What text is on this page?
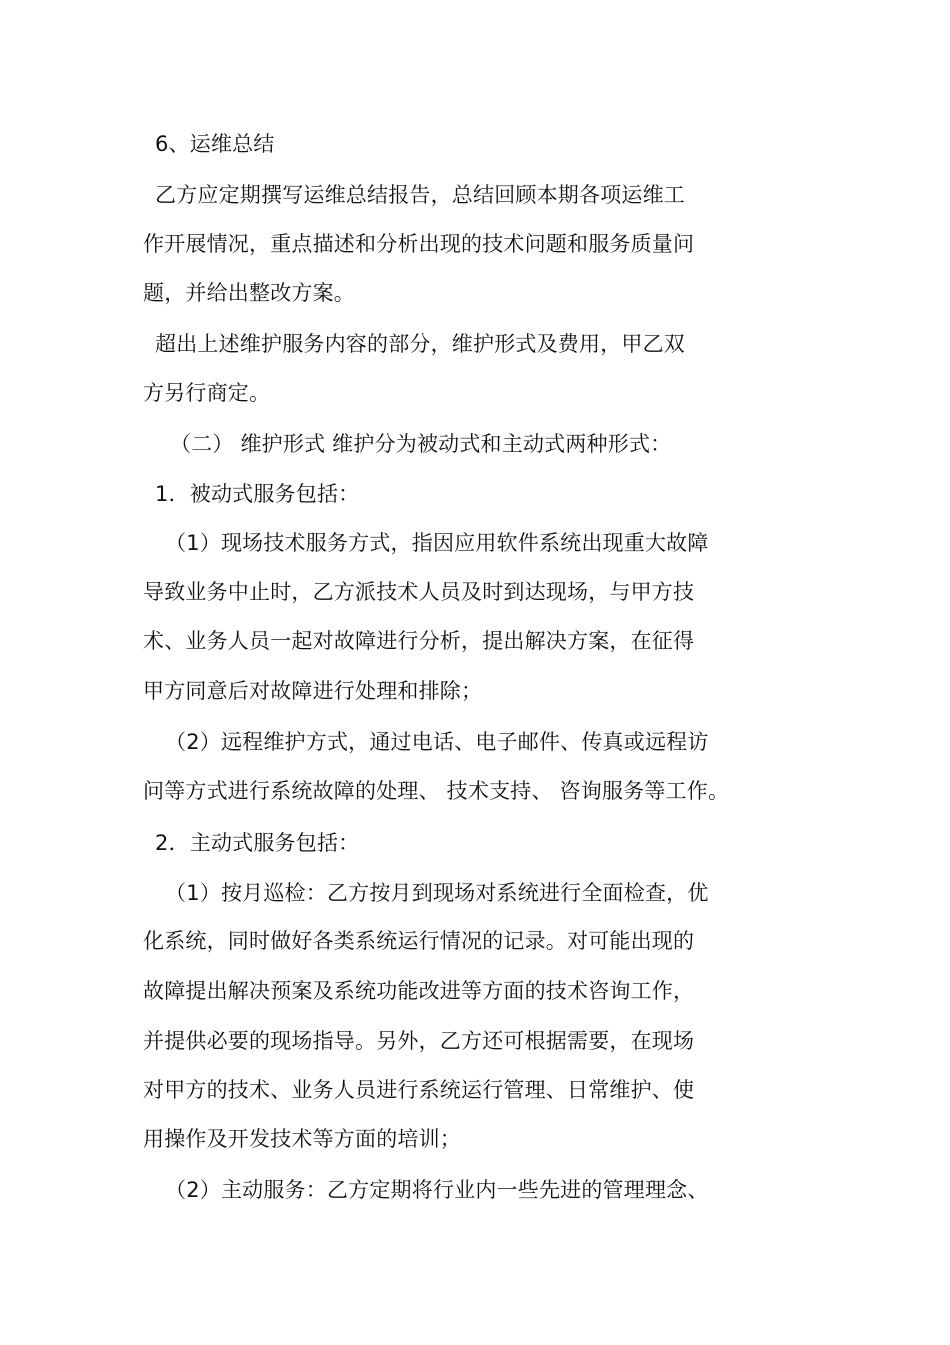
6、运维总结
乙方应定期撰写运维总结报告，总结回顾本期各项运维工
作开展情况，重点描述和分析出现的技术问题和服务质量问
题，并给出整改方案。
超出上述维护服务内容的部分，维护形式及费用，甲乙双
方另行商定。
（二） 维护形式 维护分为被动式和主动式两种形式：
1．被动式服务包括：
（1）现场技术服务方式，指因应用软件系统出现重大故障
导致业务中止时，乙方派技术人员及时到达现场，与甲方技
术、业务人员一起对故障进行分析，提出解决方案，在征得
甲方同意后对故障进行处理和排除；
（2）远程维护方式，通过电话、电子邮件、传真或远程访
问等方式进行系统故障的处理、 技术支持、 咨询服务等工作。
2．主动式服务包括：
（1）按月巡检：乙方按月到现场对系统进行全面检查，优
化系统，同时做好各类系统运行情况的记录。对可能出现的
故障提出解决预案及系统功能改进等方面的技术咨询工作，
并提供必要的现场指导。另外，乙方还可根据需要，在现场
对甲方的技术、业务人员进行系统运行管理、日常维护、使
用操作及开发技术等方面的培训；
（2）主动服务：乙方定期将行业内一些先进的管理理念、
